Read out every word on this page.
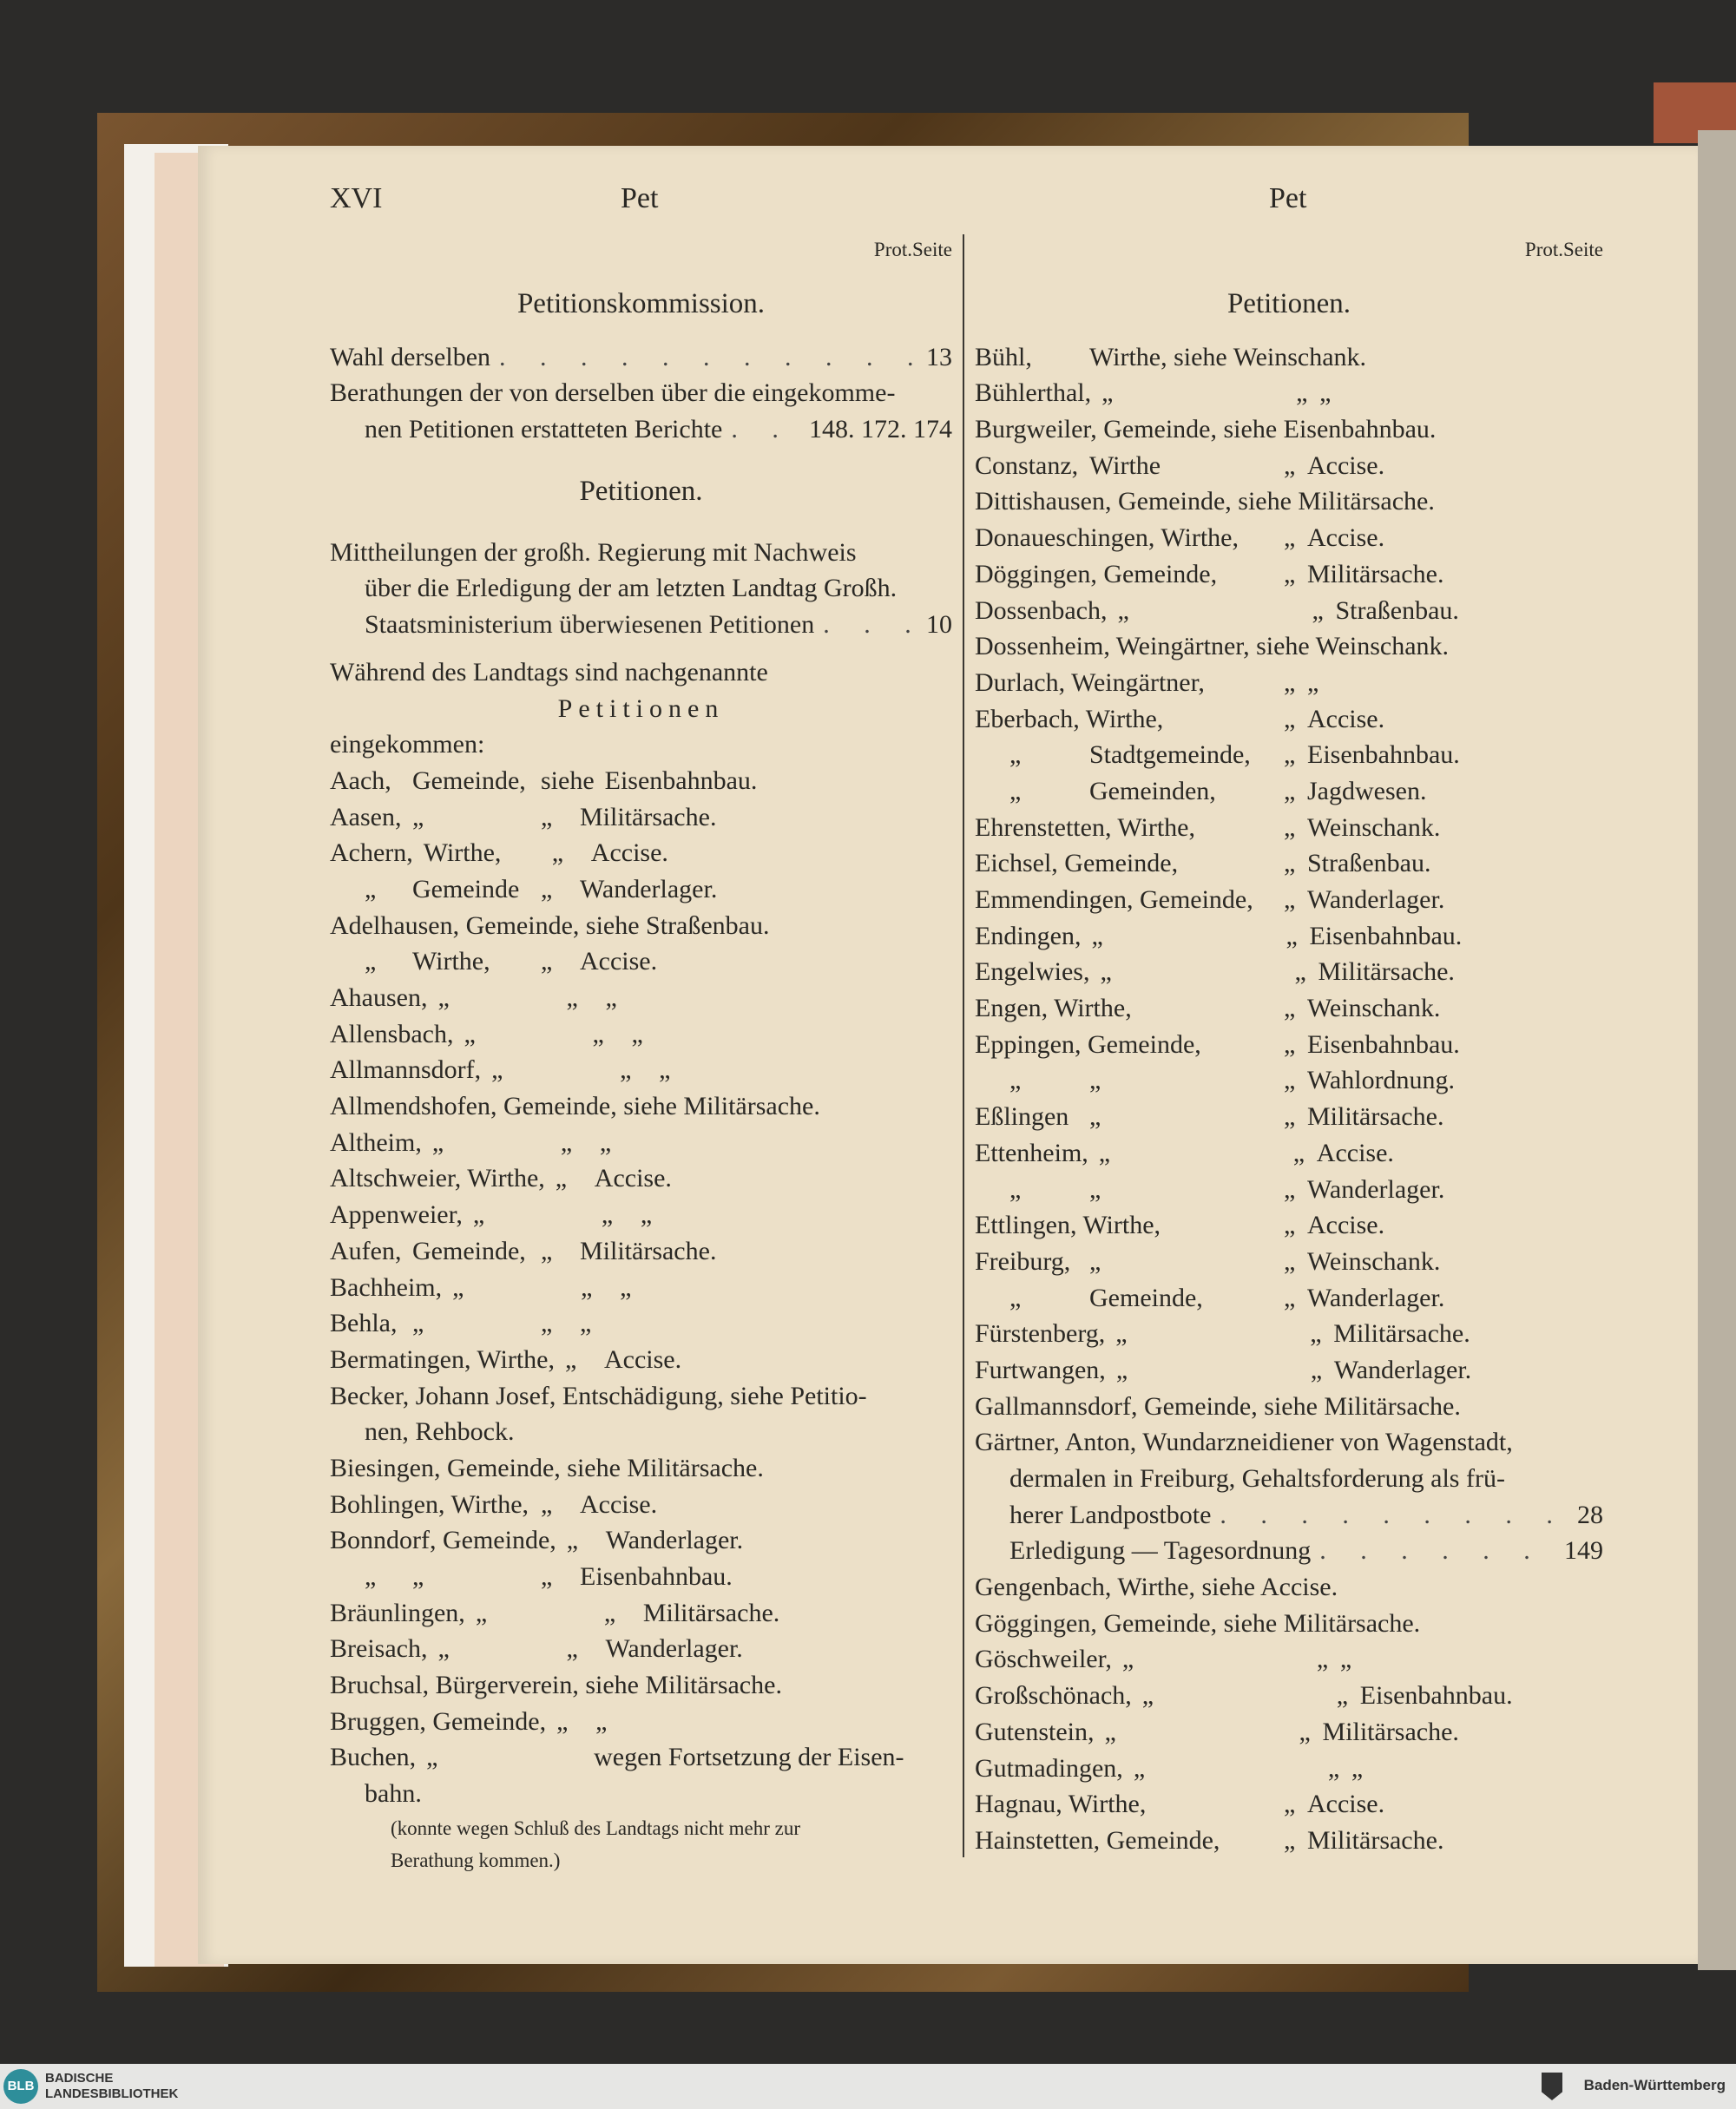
XVI	Pet	Pet
Prot.Seite
Petitionskommission.
Wahl derselben . . .	13
Berathungen der von derselben über die eingekomme-
nen Petitionen erstatteten Berichte . . .	148. 172. 174
Petitionen.
Mittheilungen der großh. Regierung mit Nachweis
über die Erledigung der am letzten Landtag Großh.
Staatsministerium überwiesenen Petitionen . . .	10
Während des Landtags sind nachgenannte
Petitionen
eingekommen:
Aach, Gemeinde, siehe Eisenbahnbau.
Aasen, „	„	Militärsache.
Achern, Wirthe,	„	Accise.
„	Gemeinde „	Wanderlager.
Adelhausen, Gemeinde, siehe Straßenbau.
„	Wirthe,	„	Accise.
Ahausen, „	„	„
Allensbach, „	„	„
Allmannsdorf, „	„	„
Allmendshofen, Gemeinde, siehe Militärsache.
Altheim, „	„	„
Altschweier, Wirthe, „	Accise.
Appenweier, „	„	„
Aufen, Gemeinde, „	Militärsache.
Bachheim, „	„	„
Behla, „	„	„
Bermatingen, Wirthe, „	Accise.
Becker, Johann Josef, Entschädigung, siehe Petitio-
nen, Rehbock.
Biesingen, Gemeinde, siehe Militärsache.
Bohlingen, Wirthe, „	Accise.
Bonndorf, Gemeinde, „	Wanderlager.
„	„	„	Eisenbahnbau.
Bräunlingen, „	„	Militärsache.
Breisach, „	„	Wanderlager.
Bruchsal, Bürgerverein, siehe Militärsache.
Bruggen, Gemeinde, „	„
Buchen, „	wegen Fortsetzung der Eisen-
bahn.
(konnte wegen Schluß des Landtags nicht mehr zur
Berathung kommen.)
Prot.Seite
Petitionen.
Bühl,	Wirthe, siehe Weinschank.
Bühlerthal, „	„ „
Burgweiler, Gemeinde, siehe Eisenbahnbau.
Constanz, Wirthe	„ Accise.
Dittishausen, Gemeinde, siehe Militärsache.
Donaueschingen, Wirthe,	„ Accise.
Döggingen, Gemeinde,	„ Militärsache.
Dossenbach, „	„ Straßenbau.
Dossenheim, Weingärtner, siehe Weinschank.
Durlach, Weingärtner,	„ „
Eberbach, Wirthe,	„ Accise.
„	Stadtgemeinde,	„ Eisenbahnbau.
„	Gemeinden,	„ Jagdwesen.
Ehrenstetten, Wirthe,	„ Weinschank.
Eichsel, Gemeinde,	„ Straßenbau.
Emmendingen, Gemeinde,	„ Wanderlager.
Endingen, „	„ Eisenbahnbau.
Engelwies, „	„ Militärsache.
Engen, Wirthe,	„ Weinschank.
Eppingen, Gemeinde,	„ Eisenbahnbau.
„	„	„ Wahlordnung.
Eßlingen „	„ Militärsache.
Ettenheim, „	„ Accise.
„	„	„ Wanderlager.
Ettlingen, Wirthe,	„ Accise.
Freiburg, „	„ Weinschank.
„	Gemeinde,	„ Wanderlager.
Fürstenberg, „	„ Militärsache.
Furtwangen, „	„ Wanderlager.
Gallmannsdorf, Gemeinde, siehe Militärsache.
Gärtner, Anton, Wundarzneidiener von Wagenstadt,
dermalen in Freiburg, Gehaltsforderung als frü-
herer Landpostbote . . .	28
Erledigung — Tagesordnung . . .	149
Gengenbach, Wirthe, siehe Accise.
Göggingen, Gemeinde, siehe Militärsache.
Göschweiler, „	„ „
Großschönach, „	„ Eisenbahnbau.
Gutenstein, „	„ Militärsache.
Gutmadingen, „	„ „
Hagnau, Wirthe,	„ Accise.
Hainstetten, Gemeinde,	„ Militärsache.
BLB
BADISCHE
LANDESBIBLIOTHEK
Baden-Württemberg
